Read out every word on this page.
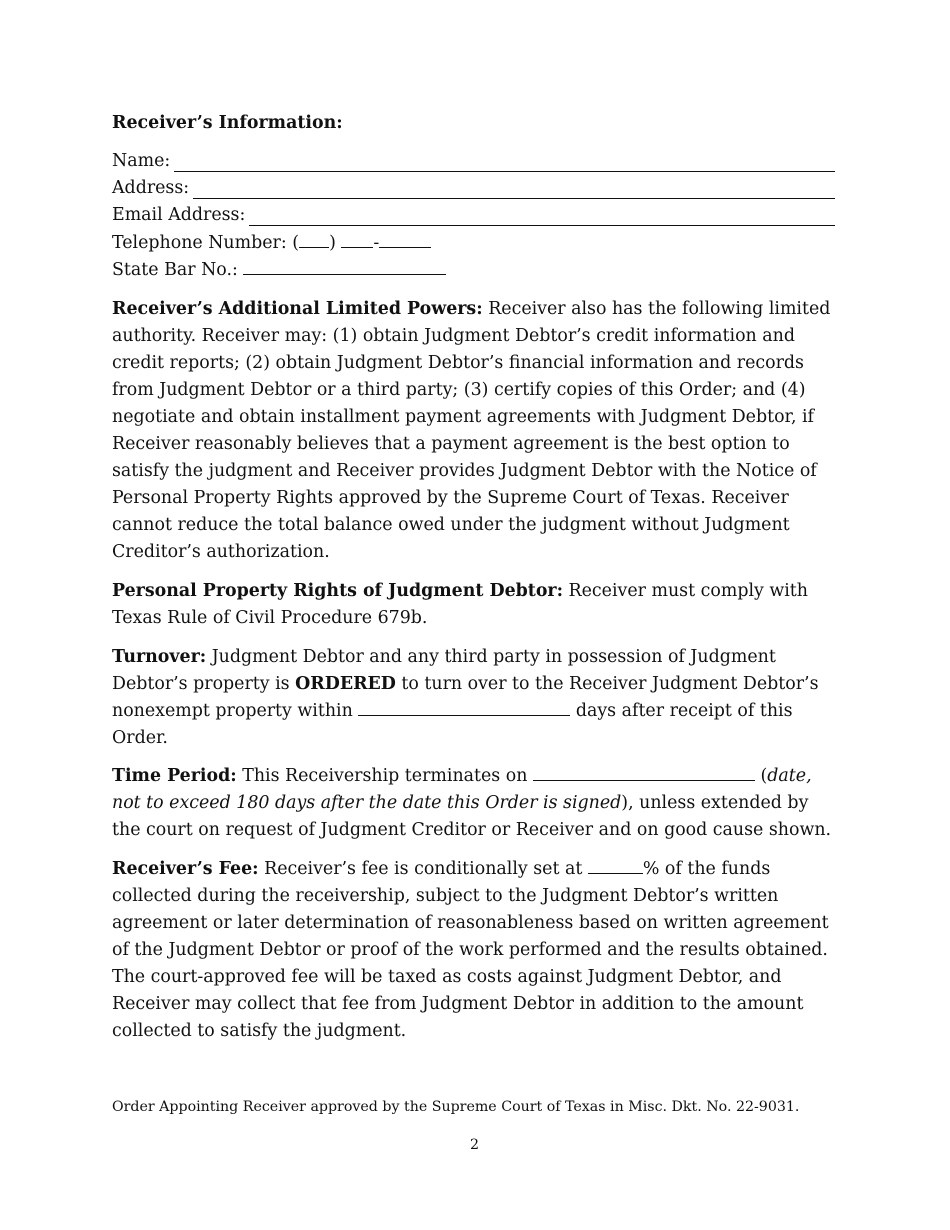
Receiver’s Information:
Name:
Address:
Email Address:
Telephone Number: ( ) -
State Bar No.:

Receiver’s Additional Limited Powers: Receiver also has the following limited authority. Receiver may: (1) obtain Judgment Debtor’s credit information and credit reports; (2) obtain Judgment Debtor’s financial information and records from Judgment Debtor or a third party; (3) certify copies of this Order; and (4) negotiate and obtain installment payment agreements with Judgment Debtor, if Receiver reasonably believes that a payment agreement is the best option to satisfy the judgment and Receiver provides Judgment Debtor with the Notice of Personal Property Rights approved by the Supreme Court of Texas. Receiver cannot reduce the total balance owed under the judgment without Judgment Creditor’s authorization.

Personal Property Rights of Judgment Debtor: Receiver must comply with Texas Rule of Civil Procedure 679b.

Turnover: Judgment Debtor and any third party in possession of Judgment Debtor’s property is ORDERED to turn over to the Receiver Judgment Debtor’s nonexempt property within	days after receipt of this Order.

Time Period: This Receivership terminates on	(date, not to exceed 180 days after the date this Order is signed), unless extended by the court on request of Judgment Creditor or Receiver and on good cause shown.

Receiver’s Fee: Receiver’s fee is conditionally set at	% of the funds collected during the receivership, subject to the Judgment Debtor’s written agreement or later determination of reasonableness based on written agreement of the Judgment Debtor or proof of the work performed and the results obtained. The court-approved fee will be taxed as costs against Judgment Debtor, and Receiver may collect that fee from Judgment Debtor in addition to the amount collected to satisfy the judgment.

Order Appointing Receiver approved by the Supreme Court of Texas in Misc. Dkt. No. 22-9031.
2
